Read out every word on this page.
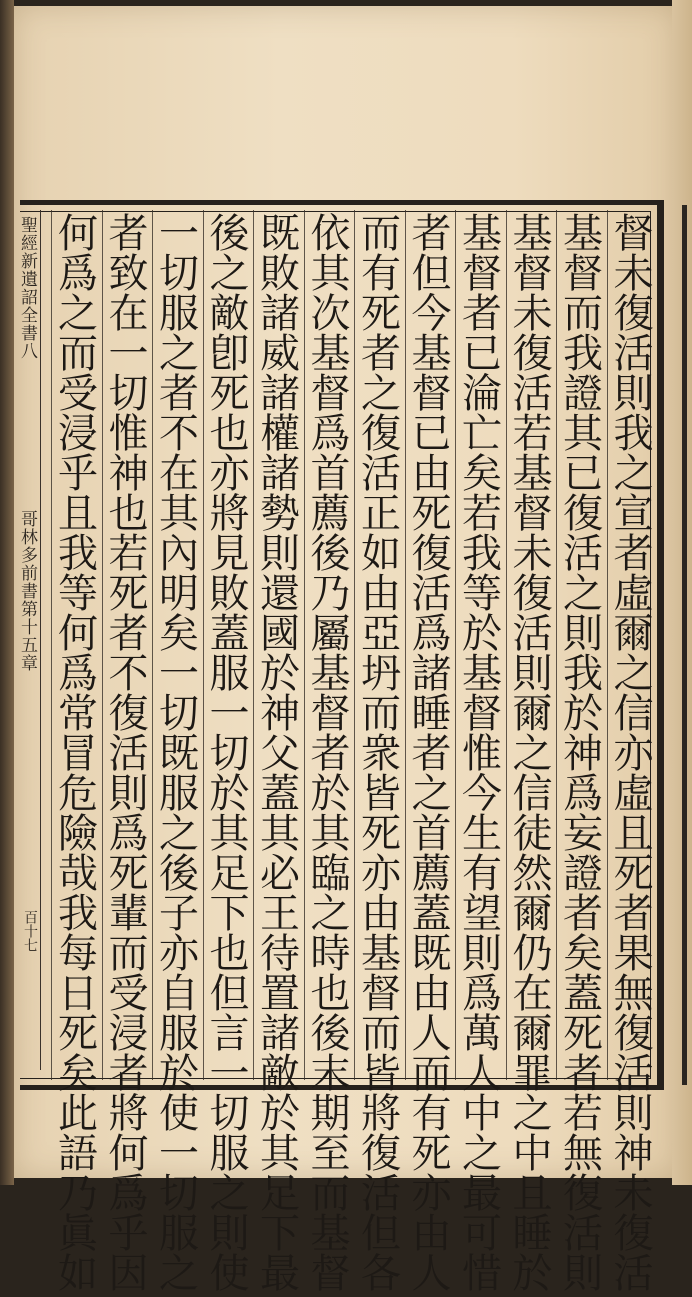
聖經新遺詔全書八
哥林多前書第十五章
百十七
督
未
復
活
則
我
之
宣
者
虛
爾
之
信
亦
虛
且
死
者
果
無
復
活
則
神
未
復
活
基
督
而
我
證
其
已
復
活
之
則
我
於
神
爲
妄
證
者
矣
蓋
死
者
若
無
復
活
則
基
督
未
復
活
若
基
督
未
復
活
則
爾
之
信
徒
然
爾
仍
在
爾
罪
之
中
且
睡
於
基
督
者
已
淪
亡
矣
若
我
等
於
基
督
惟
今
生
有
望
則
爲
萬
人
中
之
最
可
惜
者
但
今
基
督
已
由
死
復
活
爲
諸
睡
者
之
首
薦
蓋
既
由
人
而
有
死
亦
由
人
而
有
死
者
之
復
活
正
如
由
亞
坍
而
衆
皆
死
亦
由
基
督
而
皆
將
復
活
但
各
依
其
次
基
督
爲
首
薦
後
乃
屬
基
督
者
於
其
臨
之
時
也
後
末
期
至
而
基
督
既
敗
諸
威
諸
權
諸
勢
則
還
國
於
神
父
蓋
其
必
王
待
置
諸
敵
於
其
足
下
最
後
之
敵
卽
死
也
亦
將
見
敗
蓋
服
一
切
於
其
足
下
也
但
言
一
切
服
之
則
使
一
切
服
之
者
不
在
其
內
明
矣
一
切
既
服
之
後
子
亦
自
服
於
使
一
切
服
之
者
致
在
一
切
惟
神
也
若
死
者
不
復
活
則
爲
死
輩
而
受
浸
者
將
何
爲
乎
因
何
爲
之
而
受
浸
乎
且
我
等
何
爲
常
冒
危
險
哉
我
每
日
死
矣
此
語
乃
眞
如
